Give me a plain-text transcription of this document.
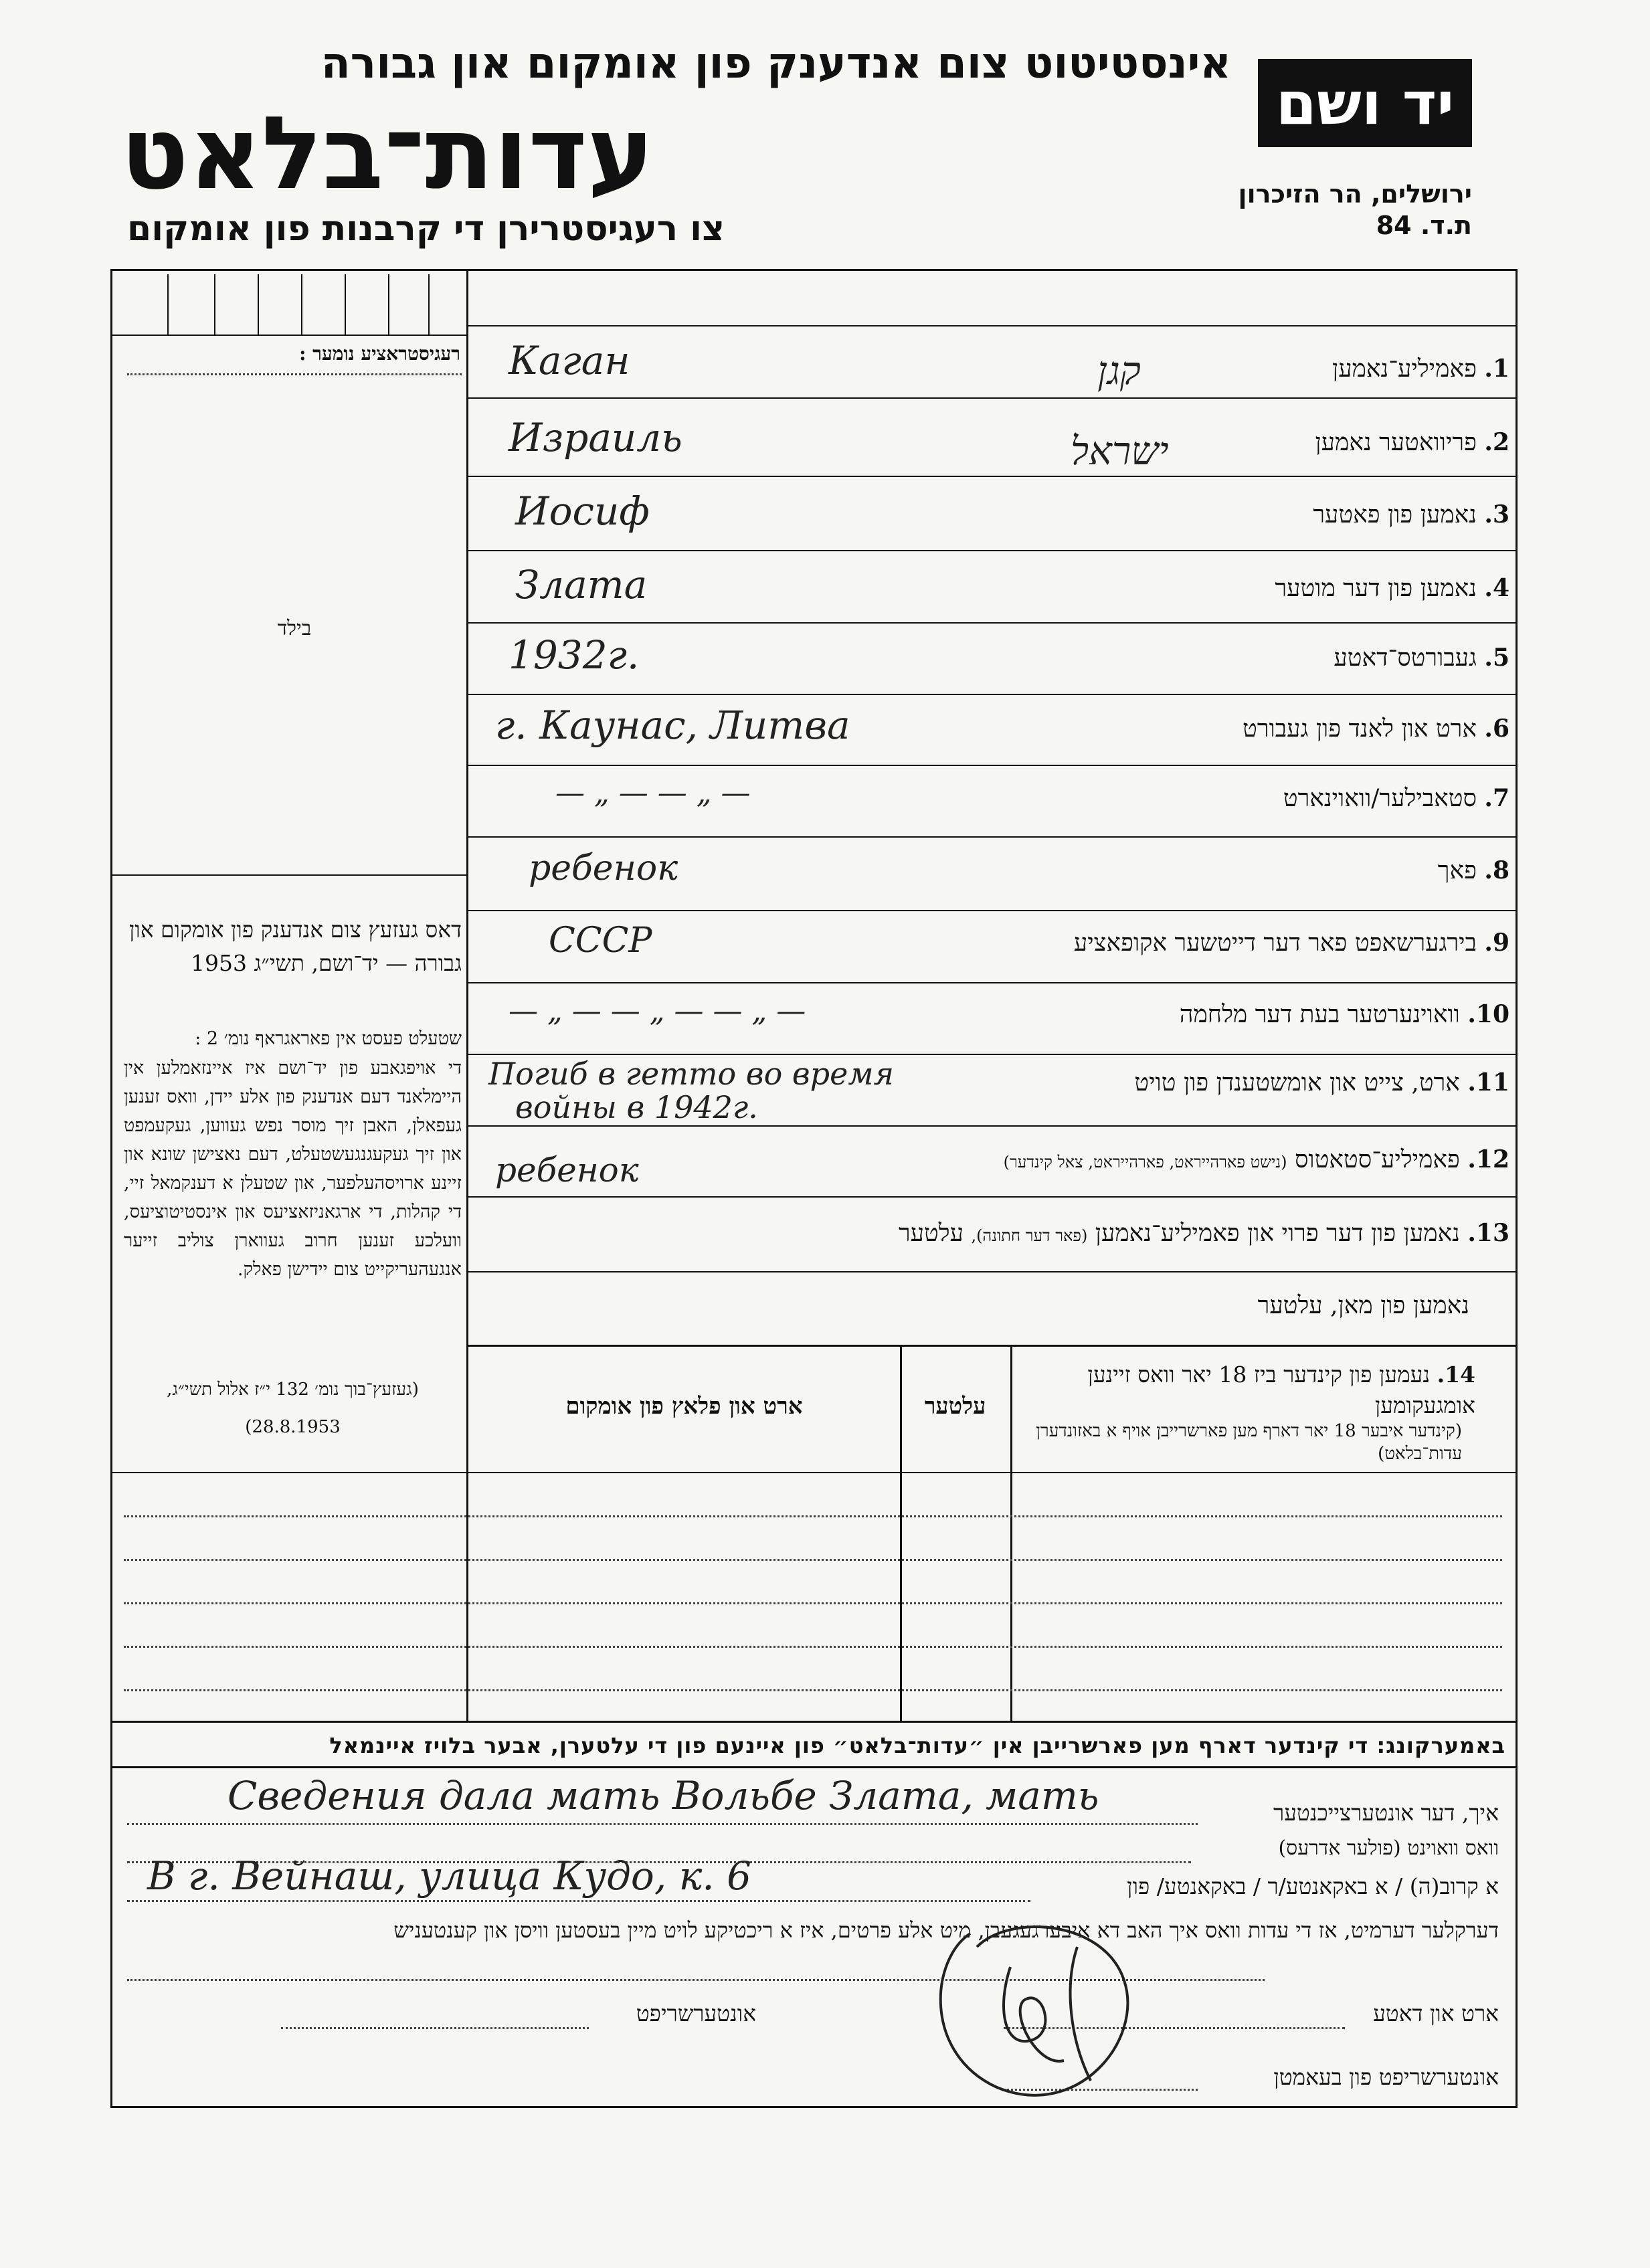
אינסטיטוט צום אנדענק פון אומקום און גבורה
עדות־בלאט
צו רעגיסטרירן די קרבנות פון אומקום
יד ושם
ירושלים, הר הזיכרון
ת.ד. 84
רעגיסטראציע נומער :
בילד
דאס געזעץ צום אנדענק פון אומקום און גבורה — יד־ושם, תשי״ג 1953
שטעלט פעסט אין פאראגראף נומ׳ 2 :
די אויפגאבע פון יד־ושם איז איינזאמלען אין היימלאנד דעם אנדענק פון אלע יידן, וואס זענען געפאלן, האבן זיך מוסר נפש געווען, געקעמפט און זיך געקעגנגעשטעלט, דעם נאצישן שונא און זיינע ארויסהעלפער, און שטעלן א דענקמאל זיי, די קהלות, די ארגאניזאציעס און אינסטיטוציעס, וועלכע זענען חרוב געווארן צוליב זייער אנגעהעריקייט צום יידישן פאלק.
(געזעץ־בוך נומ׳ 132 י״ז אלול תשי״ג,
(28.8.1953
1. פאמיליע־נאמען
Каган	קגן
2. פריוואטער נאמען
Израиль	ישראל
3. נאמען פון פאטער
Иосиф
4. נאמען פון דער מוטער
Злата
5. געבורטס־דאטע
1932г.
6. ארט און לאנד פון געבורט
г. Каунас, Литва
7. סטאבילער/וואוינארט
— „ — — „ —
8. פאך
ребенок
9. בירגערשאפט פאר דער דייטשער אקופאציע
СССР
10. וואוינערטער בעת דער מלחמה
— „ — — „ — — „ —
11. ארט, צייט און אומשטענדן פון טויט
Погиб в гетто во время
войны в 1942г.
12. פאמיליע־סטאטוס (נישט פארהייראט, פארהייראט, צאל קינדער)
ребенок
13. נאמען פון דער פרוי און פאמיליע־נאמען (פאר דער חתונה), עלטער
נאמען פון מאן, עלטער
14. נעמען פון קינדער ביז 18 יאר וואס זיינען אומגעקומען
(קינדער איבער 18 יאר דארף מען פארשרייבן אויף א באזונדערן עדות־בלאט)
עלטער
ארט און פלאץ פון אומקום
באמערקונג: די קינדער דארף מען פארשרייבן אין ״עדות־בלאט״ פון איינעם פון די עלטערן, אבער בלויז איינמאל
איך, דער אונטערצייכנטער
Сведения дала мать Вольбе Злата, мать
וואס וואוינט (פולער אדרעס)
א קרוב(ה) / א באקאנטע/ר / באקאנטע/ פון
В г. Вейнаш, улица Кудо, к. 6
דערקלער דערמיט, אז די עדות וואס איך האב דא איבערגעגעבן, מיט אלע פרטים, איז א ריכטיקע לויט מיין בעסטען וויסן און קענטעניש
ארט און דאטע
אונטערשריפט
אונטערשריפט פון בעאמטן
